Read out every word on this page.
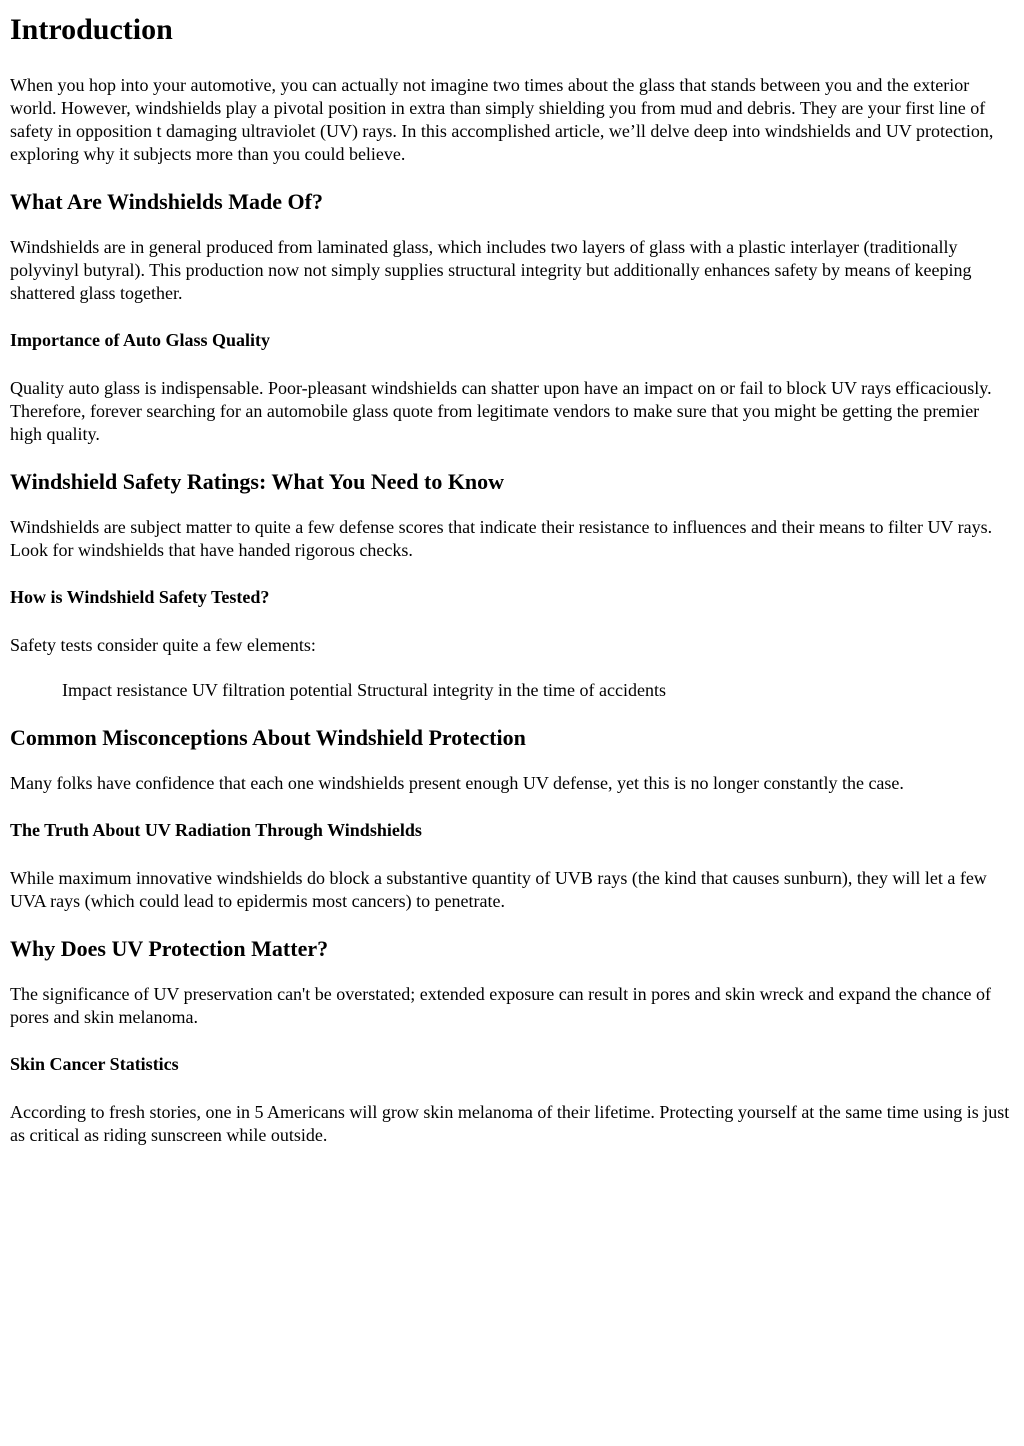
Introduction

When you hop into your automotive, you can actually not imagine two times about the glass that stands between you and the exterior world. However, windshields play a pivotal position in extra than simply shielding you from mud and debris. They are your first line of safety in opposition t damaging ultraviolet (UV) rays. In this accomplished article, we’ll delve deep into windshields and UV protection, exploring why it subjects more than you could believe.

What Are Windshields Made Of?

Windshields are in general produced from laminated glass, which includes two layers of glass with a plastic interlayer (traditionally polyvinyl butyral). This production now not simply supplies structural integrity but additionally enhances safety by means of keeping shattered glass together.

Importance of Auto Glass Quality

Quality auto glass is indispensable. Poor-pleasant windshields can shatter upon have an impact on or fail to block UV rays efficaciously. Therefore, forever searching for an automobile glass quote from legitimate vendors to make sure that you might be getting the premier high quality.

Windshield Safety Ratings: What You Need to Know

Windshields are subject matter to quite a few defense scores that indicate their resistance to influences and their means to filter UV rays. Look for windshields that have handed rigorous checks.

How is Windshield Safety Tested?

Safety tests consider quite a few elements:

Impact resistance UV filtration potential Structural integrity in the time of accidents

Common Misconceptions About Windshield Protection

Many folks have confidence that each one windshields present enough UV defense, yet this is no longer constantly the case.

The Truth About UV Radiation Through Windshields

While maximum innovative windshields do block a substantive quantity of UVB rays (the kind that causes sunburn), they will let a few UVA rays (which could lead to epidermis most cancers) to penetrate.

Why Does UV Protection Matter?

The significance of UV preservation can't be overstated; extended exposure can result in pores and skin wreck and expand the chance of pores and skin melanoma.

Skin Cancer Statistics

According to fresh stories, one in 5 Americans will grow skin melanoma of their lifetime. Protecting yourself at the same time using is just as critical as riding sunscreen while outside.
